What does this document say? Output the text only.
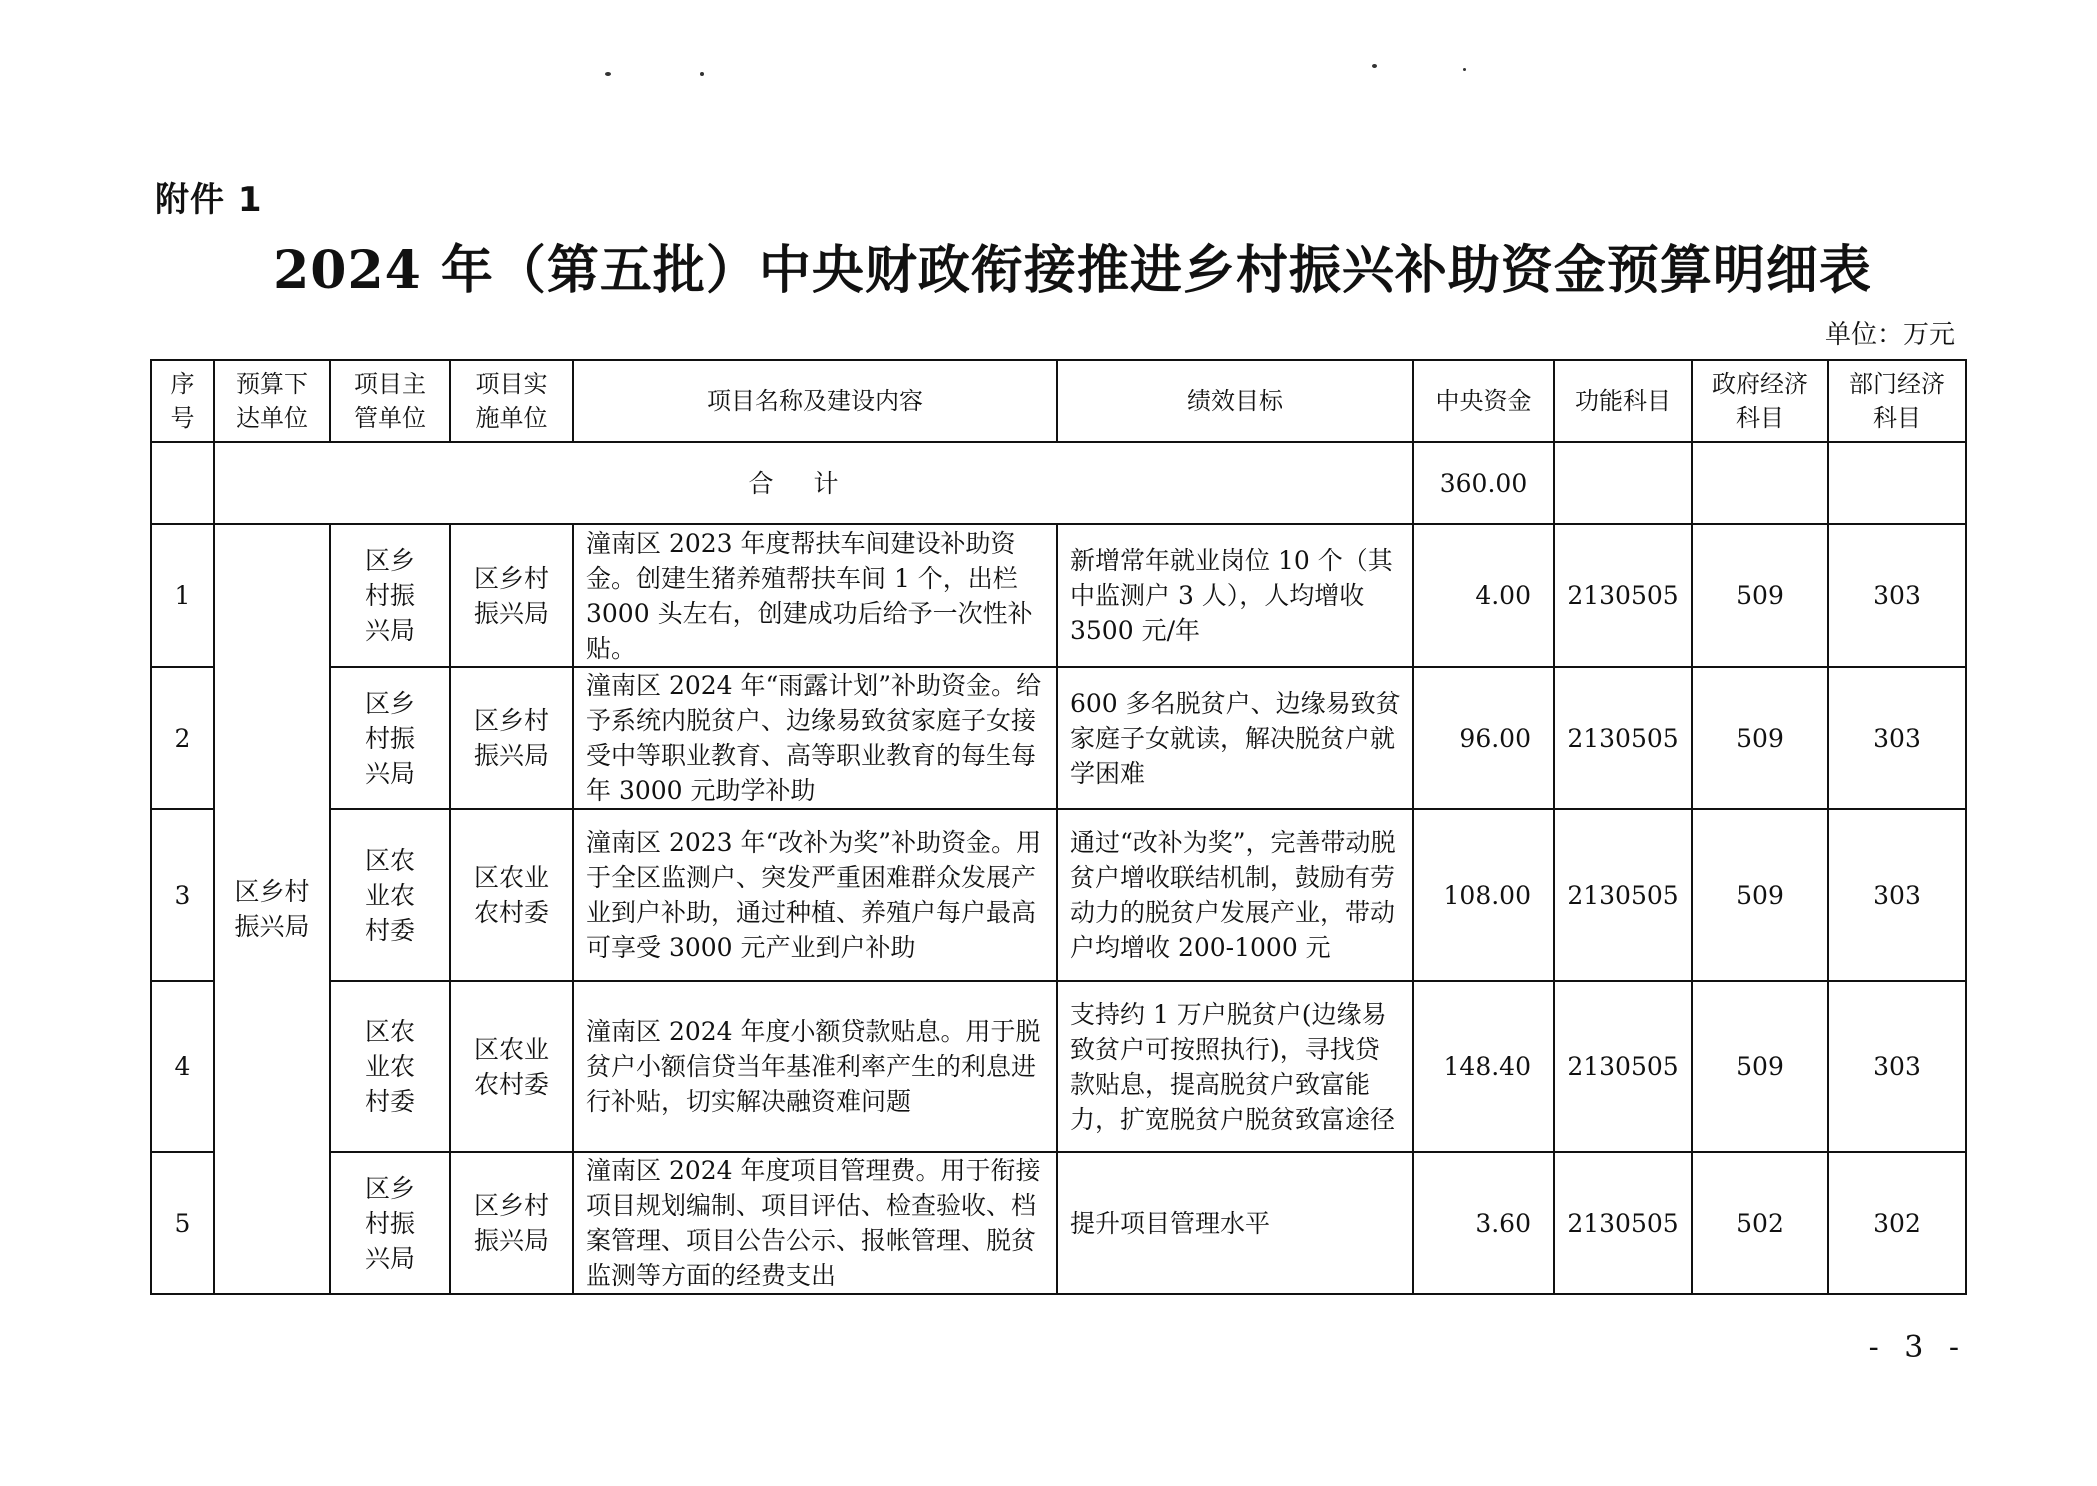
附件 1
2024 年（第五批）中央财政衔接推进乡村振兴补助资金预算明细表
单位：万元
序号	预算下达单位	项目主管单位	项目实施单位	项目名称及建设内容	绩效目标	中央资金	功能科目	政府经济科目	部门经济科目
	合计					360.00			
1	区乡村振兴局	区乡村振兴局	区乡村振兴局	潼南区 2023 年度帮扶车间建设补助资金。创建生猪养殖帮扶车间 1 个，出栏 3000 头左右，创建成功后给予一次性补贴。	新增常年就业岗位 10 个（其中监测户 3 人），人均增收 3500 元/年	4.00	2130505	509	303
2		区乡村振兴局	区乡村振兴局	潼南区 2024 年“雨露计划”补助资金。给予系统内脱贫户、边缘易致贫家庭子女接受中等职业教育、高等职业教育的每生每年 3000 元助学补助	600 多名脱贫户、边缘易致贫家庭子女就读，解决脱贫户就学困难	96.00	2130505	509	303
3		区农业农村委	区农业农村委	潼南区 2023 年“改补为奖”补助资金。用于全区监测户、突发严重困难群众发展产业到户补助，通过种植、养殖户每户最高可享受 3000 元产业到户补助	通过“改补为奖”，完善带动脱贫户增收联结机制，鼓励有劳动力的脱贫户发展产业，带动户均增收 200-1000 元	108.00	2130505	509	303
4		区农业农村委	区农业农村委	潼南区 2024 年度小额贷款贴息。用于脱贫户小额信贷当年基准利率产生的利息进行补贴，切实解决融资难问题	支持约 1 万户脱贫户(边缘易致贫户可按照执行)，寻找贷款贴息，提高脱贫户致富能力，扩宽脱贫户脱贫致富途径	148.40	2130505	509	303
5		区乡村振兴局	区乡村振兴局	潼南区 2024 年度项目管理费。用于衔接项目规划编制、项目评估、检查验收、档案管理、项目公告公示、报帐管理、脱贫监测等方面的经费支出	提升项目管理水平	3.60	2130505	502	302
- 3 -
